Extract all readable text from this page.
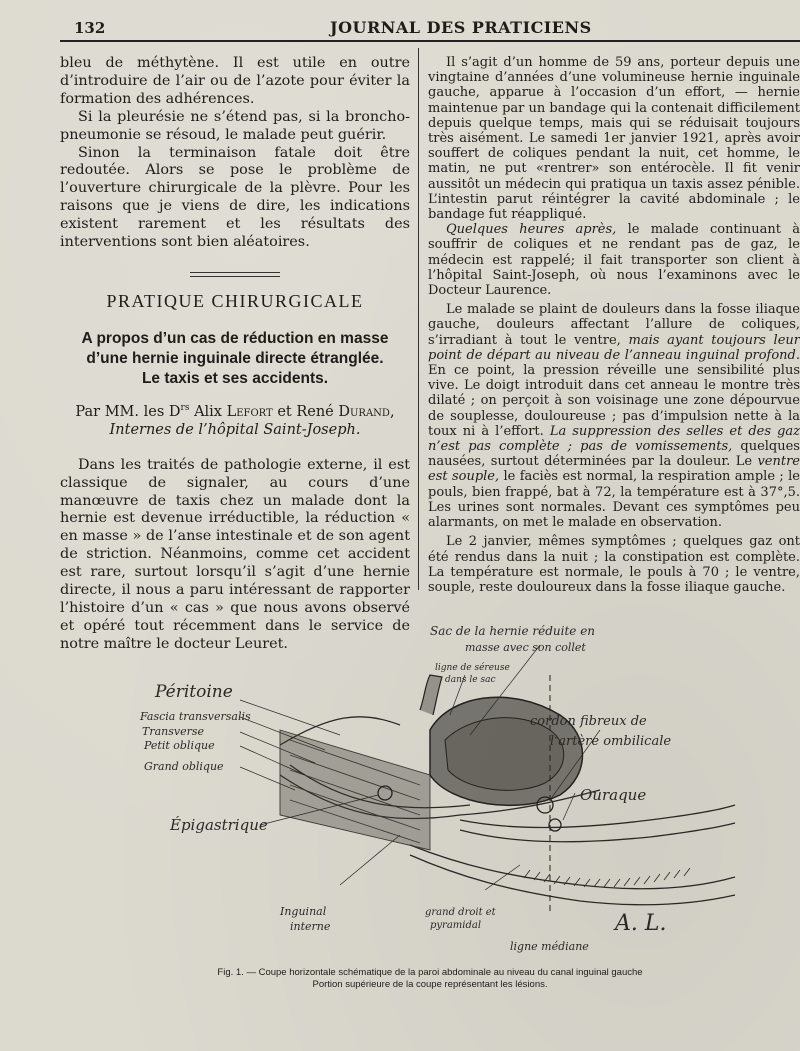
132	JOURNAL DES PRATICIENS

bleu de méthytène. Il est utile en outre d’introduire de l’air ou de l’azote pour éviter la formation des adhérences.

Si la pleurésie ne s’étend pas, si la broncho-pneumonie se résoud, le malade peut guérir.

Sinon la terminaison fatale doit être redoutée. Alors se pose le problème de l’ouverture chirurgicale de la plèvre. Pour les raisons que je viens de dire, les indications existent rarement et les résultats des interventions sont bien aléatoires.

PRATIQUE CHIRURGICALE
A propos d’un cas de réduction en masse
d’une hernie inguinale directe étranglée.
Le taxis et ses accidents.
Par MM. les $D^{rs}$ Alix Lefort et René Durand,
Internes de l’hôpital Saint-Joseph.

Dans les traités de pathologie externe, il est classique de signaler, au cours d’une manœuvre de taxis chez un malade dont la hernie est devenue irréductible, la réduction « en masse » de l’anse intestinale et de son agent de striction. Néanmoins, comme cet accident est rare, surtout lorsqu’il s’agit d’une hernie directe, il nous a paru intéressant de rapporter l’histoire d’un « cas » que nous avons observé et opéré tout récemment dans le service de notre maître le docteur Leuret.

Il s’agit d’un homme de 59 ans, porteur depuis une vingtaine d’années d’une volumineuse hernie inguinale gauche, apparue à l’occasion d’un effort, — hernie maintenue par un bandage qui la contenait difficilement depuis quelque temps, mais qui se réduisait toujours très aisément. Le samedi 1er janvier 1921, après avoir souffert de coliques pendant la nuit, cet homme, le matin, ne put «rentrer» son entérocèle. Il fit venir aussitôt un médecin qui pratiqua un taxis assez pénible. L’intestin parut réintégrer la cavité abdominale ; le bandage fut réappliqué.

Quelques heures après, le malade continuant à souffrir de coliques et ne rendant pas de gaz, le médecin est rappelé; il fait transporter son client à l’hôpital Saint-Joseph, où nous l’examinons avec le Docteur Laurence.

Le malade se plaint de douleurs dans la fosse iliaque gauche, douleurs affectant l’allure de coliques, s’irradiant à tout le ventre, mais ayant toujours leur point de départ au niveau de l’anneau inguinal profond. En ce point, la pression réveille une sensibilité plus vive. Le doigt introduit dans cet anneau le montre très dilaté ; on perçoit à son voisinage une zone dépourvue de souplesse, douloureuse ; pas d’impulsion nette à la toux ni à l’effort. La suppression des selles et des gaz n’est pas complète ; pas de vomissements, quelques nausées, surtout déterminées par la douleur. Le ventre est souple, le faciès est normal, la respiration ample ; le pouls, bien frappé, bat à 72, la température est à 37°,5. Les urines sont normales. Devant ces symptômes peu alarmants, on met le malade en observation.

Le 2 janvier, mêmes symptômes ; quelques gaz ont été rendus dans la nuit ; la constipation est complète. La température est normale, le pouls à 70 ; le ventre, souple, reste douloureux dans la fosse iliaque gauche.

Sac de la hernie réduite en
masse avec son collet
ligne de séreuse
dans le sac
Péritoine
Fascia transversalis
Transverse
Petit oblique
Grand oblique
cordon fibreux de
l’artère ombilicale
Ouraque
Épigastrique
Inguinal
interne
grand droit et
pyramidal
ligne médiane
A. L.
Fig. 1. — Coupe horizontale schématique de la paroi abdominale au niveau du canal inguinal gauche
Portion supérieure de la coupe représentant les lésions.
